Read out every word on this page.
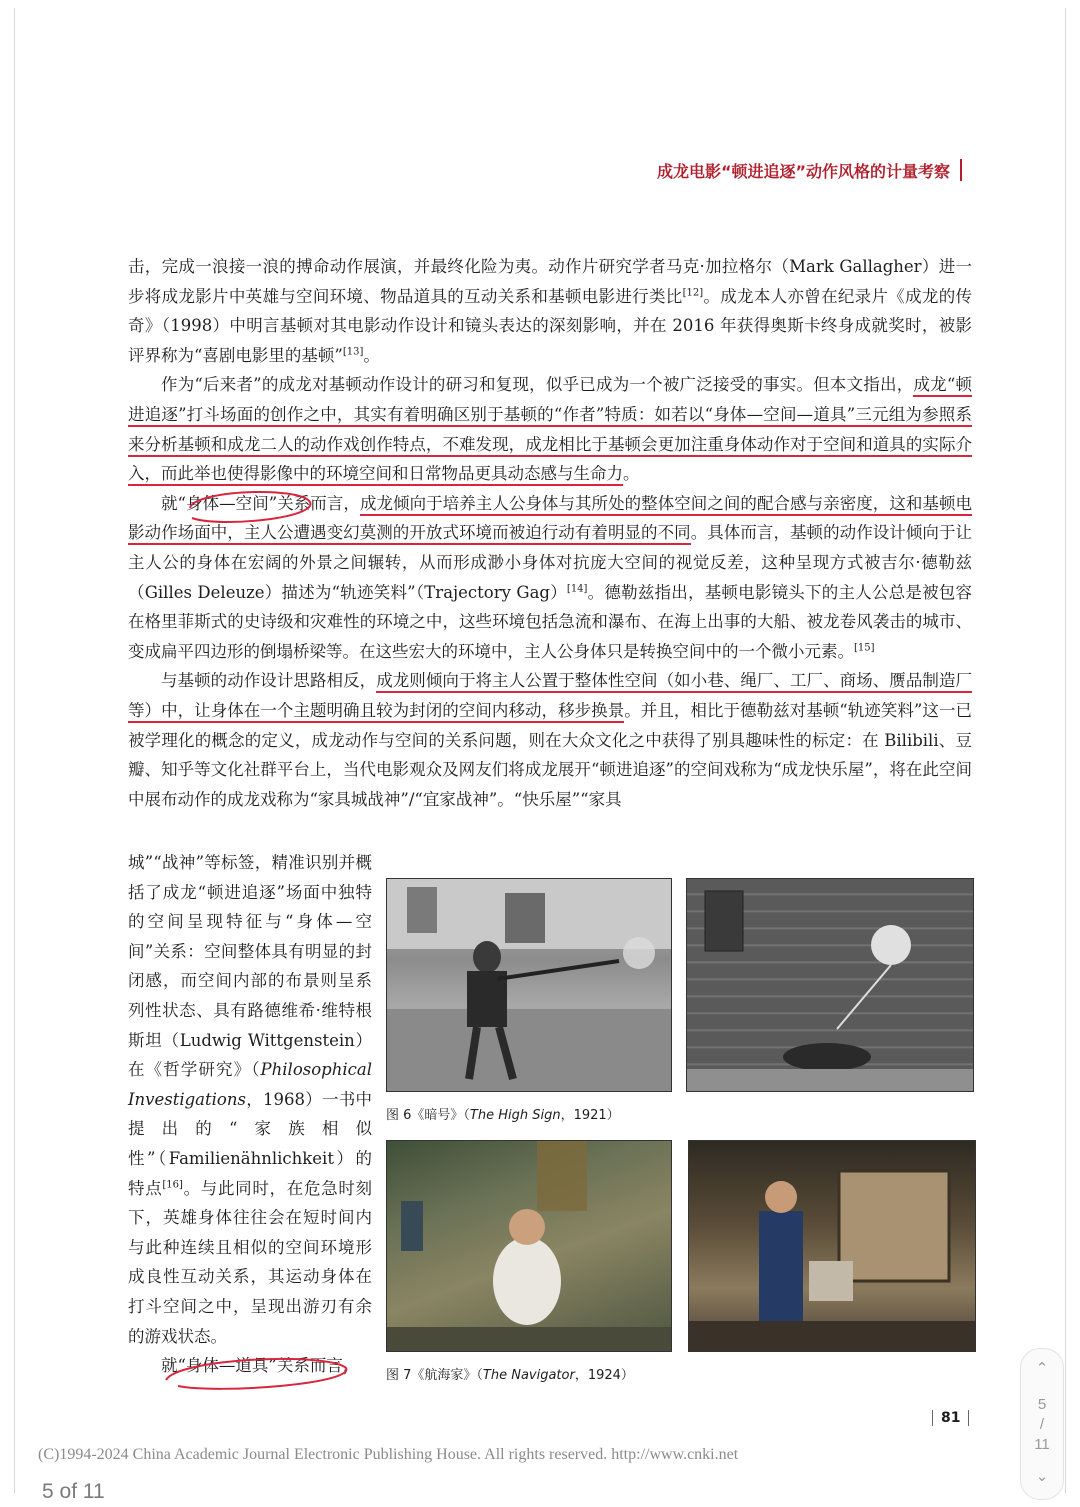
成龙电影“顿进追逐”动作风格的计量考察

击，完成一浪接一浪的搏命动作展演，并最终化险为夷。动作片研究学者马克·加拉格尔（Mark Gallagher）进一步将成龙影片中英雄与空间环境、物品道具的互动关系和基顿电影进行类比[12]。成龙本人亦曾在纪录片《成龙的传奇》（1998）中明言基顿对其电影动作设计和镜头表达的深刻影响，并在 2016 年获得奥斯卡终身成就奖时，被影评界称为“喜剧电影里的基顿”[13]。

作为“后来者”的成龙对基顿动作设计的研习和复现，似乎已成为一个被广泛接受的事实。但本文指出，成龙“顿进追逐”打斗场面的创作之中，其实有着明确区别于基顿的“作者”特质：如若以“身体—空间—道具”三元组为参照系来分析基顿和成龙二人的动作戏创作特点，不难发现，成龙相比于基顿会更加注重身体动作对于空间和道具的实际介入，而此举也使得影像中的环境空间和日常物品更具动态感与生命力。

就“身体—空间”关系而言，成龙倾向于培养主人公身体与其所处的整体空间之间的配合感与亲密度，这和基顿电影动作场面中，主人公遭遇变幻莫测的开放式环境而被迫行动有着明显的不同。具体而言，基顿的动作设计倾向于让主人公的身体在宏阔的外景之间辗转，从而形成渺小身体对抗庞大空间的视觉反差，这种呈现方式被吉尔·德勒兹（Gilles Deleuze）描述为“轨迹笑料”（Trajectory Gag）[14]。德勒兹指出，基顿电影镜头下的主人公总是被包容在格里菲斯式的史诗级和灾难性的环境之中，这些环境包括急流和瀑布、在海上出事的大船、被龙卷风袭击的城市、变成扁平四边形的倒塌桥梁等。在这些宏大的环境中，主人公身体只是转换空间中的一个微小元素。[15]

与基顿的动作设计思路相反，成龙则倾向于将主人公置于整体性空间（如小巷、绳厂、工厂、商场、赝品制造厂等）中，让身体在一个主题明确且较为封闭的空间内移动，移步换景。并且，相比于德勒兹对基顿“轨迹笑料”这一已被学理化的概念的定义，成龙动作与空间的关系问题，则在大众文化之中获得了别具趣味性的标定：在 Bilibili、豆瓣、知乎等文化社群平台上，当代电影观众及网友们将成龙展开“顿进追逐”的空间戏称为“成龙快乐屋”，将在此空间中展布动作的成龙戏称为“家具城战神”/“宜家战神”。“快乐屋”“家具

城”“战神”等标签，精准识别并概括了成龙“顿进追逐”场面中独特的空间呈现特征与“身体—空间”关系：空间整体具有明显的封闭感，而空间内部的布景则呈系列性状态、具有路德维希·维特根斯坦（Ludwig Wittgenstein）在《哲学研究》（Philosophical Investigations，1968）一书中提出的“家族相似性”（Familienähnlichkeit）的特点[16]。与此同时，在危急时刻下，英雄身体往往会在短时间内与此种连续且相似的空间环境形成良性互动关系，其运动身体在打斗空间之中，呈现出游刃有余的游戏状态。
就“身体—道具”关系而言，
图 6《暗号》（The High Sign，1921）
图 7《航海家》（The Navigator，1924）
81
(C)1994-2024 China Academic Journal Electronic Publishing House. All rights reserved. http://www.cnki.net
5 of 11
⌃
5
/
11
⌄
